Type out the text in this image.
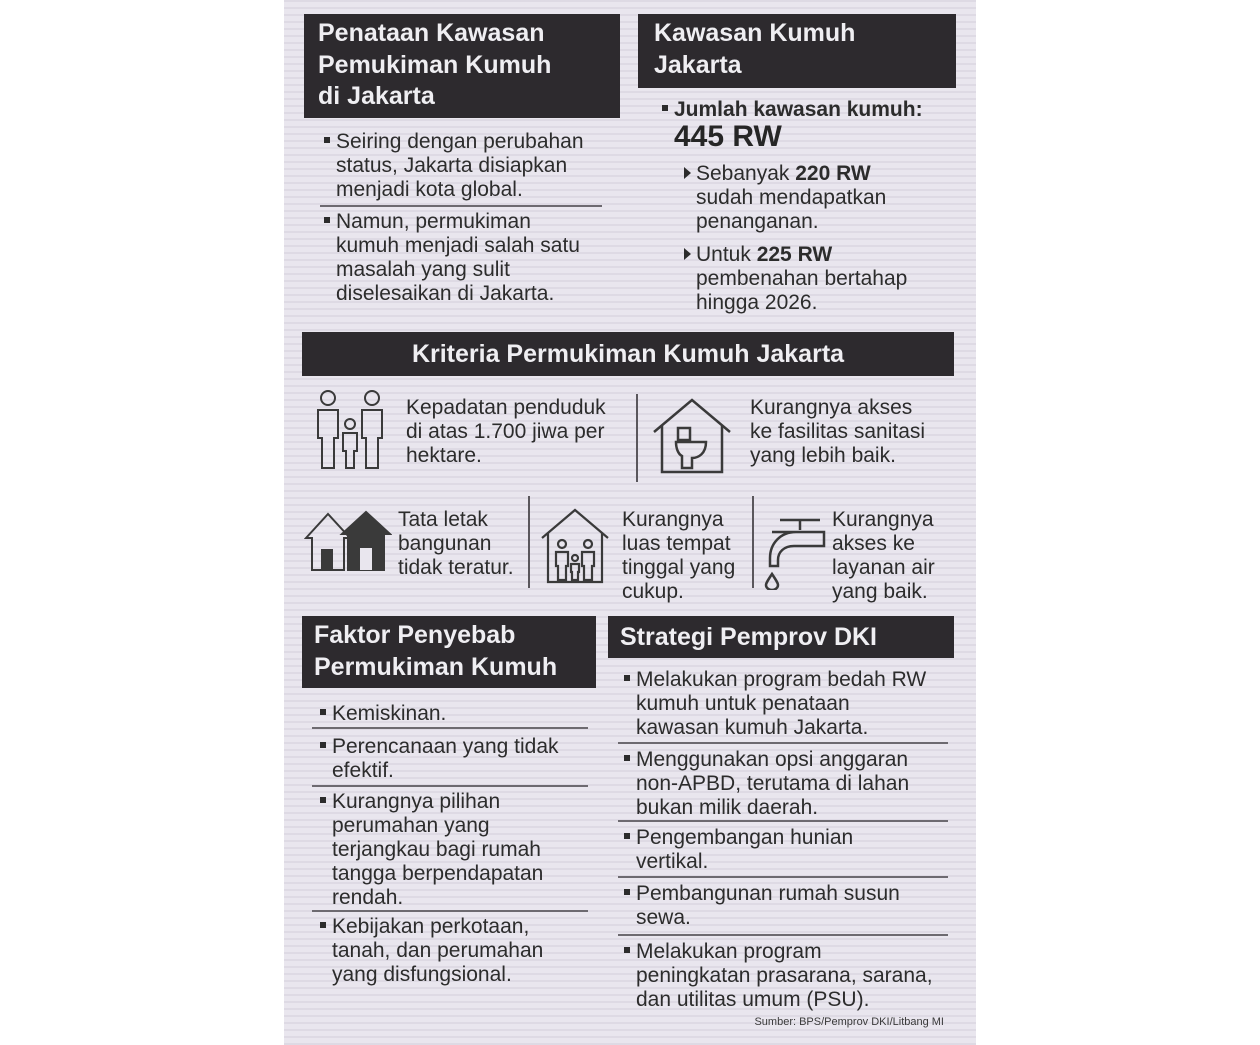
Penataan Kawasan
Pemukiman Kumuh
di Jakarta
Seiring dengan perubahan
status, Jakarta disiapkan
menjadi kota global.
Namun, permukiman
kumuh menjadi salah satu
masalah yang sulit
diselesaikan di Jakarta.
Kawasan Kumuh
Jakarta
Jumlah kawasan kumuh:
445 RW
Sebanyak 220 RW
sudah mendapatkan
penanganan.
Untuk 225 RW
pembenahan bertahap
hingga 2026.
Kriteria Permukiman Kumuh Jakarta
Kepadatan penduduk
di atas 1.700 jiwa per
hektare.
Kurangnya akses
ke fasilitas sanitasi
yang lebih baik.
Tata letak
bangunan
tidak teratur.
Kurangnya
luas tempat
tinggal yang
cukup.
Kurangnya
akses ke
layanan air
yang baik.
Faktor Penyebab
Permukiman Kumuh
Kemiskinan.
Perencanaan yang tidak
efektif.
Kurangnya pilihan
perumahan yang
terjangkau bagi rumah
tangga berpendapatan
rendah.
Kebijakan perkotaan,
tanah, dan perumahan
yang disfungsional.
Strategi Pemprov DKI
Melakukan program bedah RW
kumuh untuk penataan
kawasan kumuh Jakarta.
Menggunakan opsi anggaran
non-APBD, terutama di lahan
bukan milik daerah.
Pengembangan hunian
vertikal.
Pembangunan rumah susun
sewa.
Melakukan program
peningkatan prasarana, sarana,
dan utilitas umum (PSU).
Sumber: BPS/Pemprov DKI/Litbang MI
